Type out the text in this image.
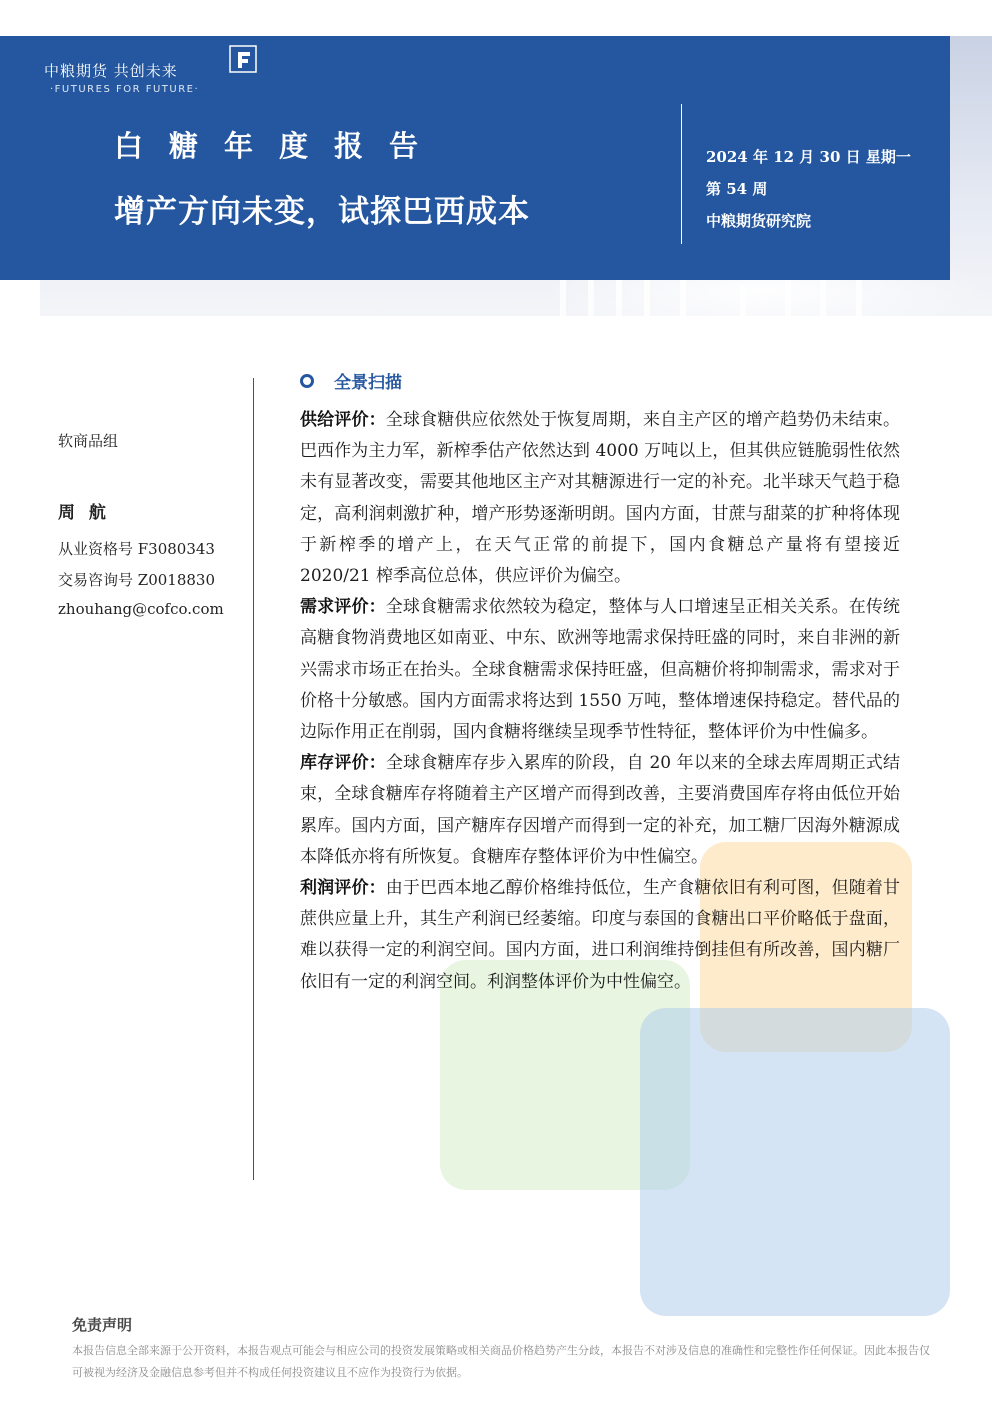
中粮期货 共创未来
·FUTURES FOR FUTURE·
白糖年度报告
增产方向未变，试探巴西成本
2024 年 12 月 30 日 星期一
第 54 周
中粮期货研究院
软商品组
周 航
从业资格号 F3080343
交易咨询号 Z0018830
zhouhang@cofco.com
全景扫描

供给评价：全球食糖供应依然处于恢复周期，来自主产区的增产趋势仍未结束。巴西作为主力军，新榨季估产依然达到 4000 万吨以上，但其供应链脆弱性依然未有显著改变，需要其他地区主产对其糖源进行一定的补充。北半球天气趋于稳定，高利润刺激扩种，增产形势逐渐明朗。国内方面，甘蔗与甜菜的扩种将体现于新榨季的增产上，在天气正常的前提下，国内食糖总产量将有望接近 2020/21 榨季高位总体，供应评价为偏空。

需求评价：全球食糖需求依然较为稳定，整体与人口增速呈正相关关系。在传统高糖食物消费地区如南亚、中东、欧洲等地需求保持旺盛的同时，来自非洲的新兴需求市场正在抬头。全球食糖需求保持旺盛，但高糖价将抑制需求，需求对于价格十分敏感。国内方面需求将达到 1550 万吨，整体增速保持稳定。替代品的边际作用正在削弱，国内食糖将继续呈现季节性特征，整体评价为中性偏多。

库存评价：全球食糖库存步入累库的阶段，自 20 年以来的全球去库周期正式结束，全球食糖库存将随着主产区增产而得到改善，主要消费国库存将由低位开始累库。国内方面，国产糖库存因增产而得到一定的补充，加工糖厂因海外糖源成本降低亦将有所恢复。食糖库存整体评价为中性偏空。

利润评价：由于巴西本地乙醇价格维持低位，生产食糖依旧有利可图，但随着甘蔗供应量上升，其生产利润已经萎缩。印度与泰国的食糖出口平价略低于盘面，难以获得一定的利润空间。国内方面，进口利润维持倒挂但有所改善，国内糖厂依旧有一定的利润空间。利润整体评价为中性偏空。

免责声明
本报告信息全部来源于公开资料，本报告观点可能会与相应公司的投资发展策略或相关商品价格趋势产生分歧，本报告不对涉及信息的准确性和完整性作任何保证。因此本报告仅可被视为经济及金融信息参考但并不构成任何投资建议且不应作为投资行为依据。
